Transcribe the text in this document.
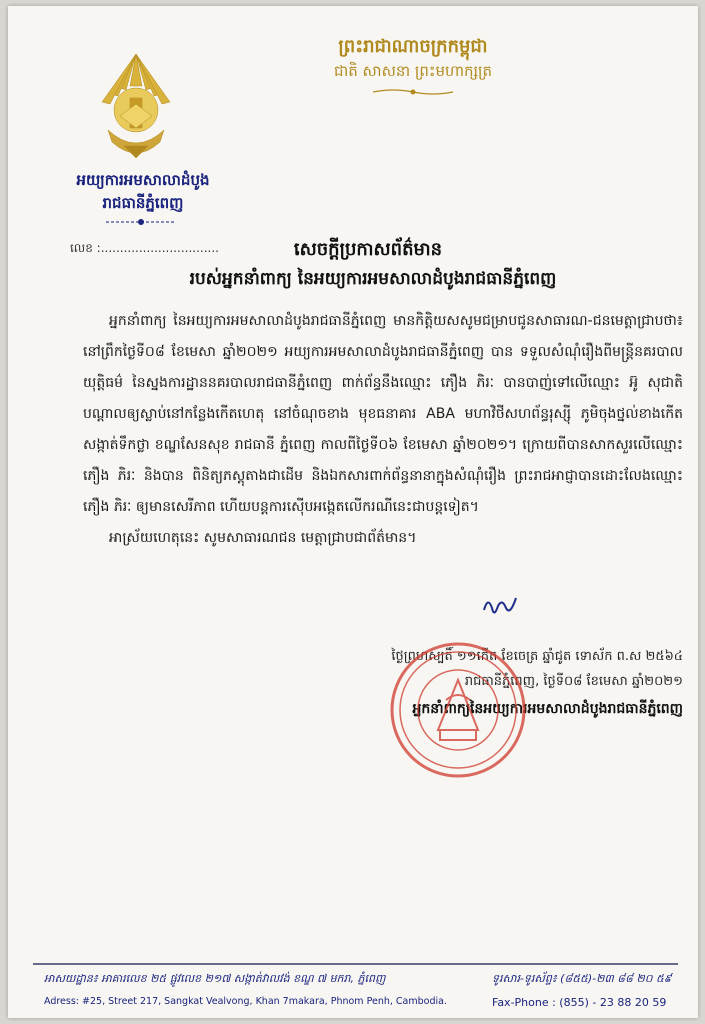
អយ្យការអមសាលាដំបូង
រាជធានីភ្នំពេញ
ព្រះរាជាណាចក្រកម្ពុជា
ជាតិ សាសនា ព្រះមហាក្សត្រ
លេខ :...............................	សេចក្តីប្រកាសព័ត៌មាន
របស់អ្នកនាំពាក្យ នៃអយ្យការអមសាលាដំបូងរាជធានីភ្នំពេញ

អ្នកនាំពាក្យ នៃអយ្យការអមសាលាដំបូងរាជធានីភ្នំពេញ មានកិត្តិយសសូមជម្រាបជូនសាធារណ-ជនមេត្តាជ្រាបថា៖ នៅព្រឹកថ្ងៃទី០៨ ខែមេសា ឆ្នាំ២០២១ អយ្យការអមសាលាដំបូងរាជធានីភ្នំពេញ បាន ទទួលសំណុំរឿងពីមន្ត្រីនគរបាលយុត្តិធម៌ នៃស្នងការដ្ឋាននគរបាលរាជធានីភ្នំពេញ ពាក់ព័ន្ធនឹងឈ្មោះ ភឿង ភិរៈ បានបាញ់ទៅលើឈ្មោះ អ៊ូ សុជាតិ បណ្តាលឲ្យស្លាប់នៅកន្លែងកើតហេតុ នៅចំណុចខាង មុខធនាគារ ABA មហាវិថីសហព័ន្ធរុស្ស៊ី ភូមិចុងថ្នល់ខាងកើត សង្កាត់ទឹកថ្លា ខណ្ឌសែនសុខ រាជធានី ភ្នំពេញ កាលពីថ្ងៃទី០៦ ខែមេសា ឆ្នាំ២០២១។ ក្រោយពីបានសាកសួរលើឈ្មោះ ភឿង ភិរៈ និងបាន ពិនិត្យភស្តុតាងជាដើម និងឯកសារពាក់ព័ន្ធនានាក្នុងសំណុំរឿង ព្រះរាជអាជ្ញាបានដោះលែងឈ្មោះ ភឿង ភិរៈ ឲ្យមានសេរីភាព ហើយបន្តការស៊ើបអង្កេតលើករណីនេះជាបន្តទៀត។

អាស្រ័យហេតុនេះ សូមសាធារណជន មេត្តាជ្រាបជាព័ត៌មាន។

ថ្ងៃព្រហស្បតិ៍ ១១កើត ខែចេត្រ ឆ្នាំជូត ទោស័ក ព.ស ២៥៦៤
រាជធានីភ្នំពេញ, ថ្ងៃទី០៨ ខែមេសា ឆ្នាំ២០២១
អ្នកនាំពាក្យនៃអយ្យការអមសាលាដំបូងរាជធានីភ្នំពេញ
អាសយដ្ឋាន៖ អាគារលេខ ២៥ ផ្លូវលេខ ២១៧ សង្កាត់វាលវង់ ខណ្ឌ ៧ មករា, ភ្នំពេញ
Adress: #25, Street 217, Sangkat Vealvong, Khan 7makara, Phnom Penh, Cambodia.
ទូរសារ-ទូរស័ព្ទ៖ (៨៥៥)-២៣ ៨៨ ២០ ៥៩
Fax-Phone : (855) - 23 88 20 59
